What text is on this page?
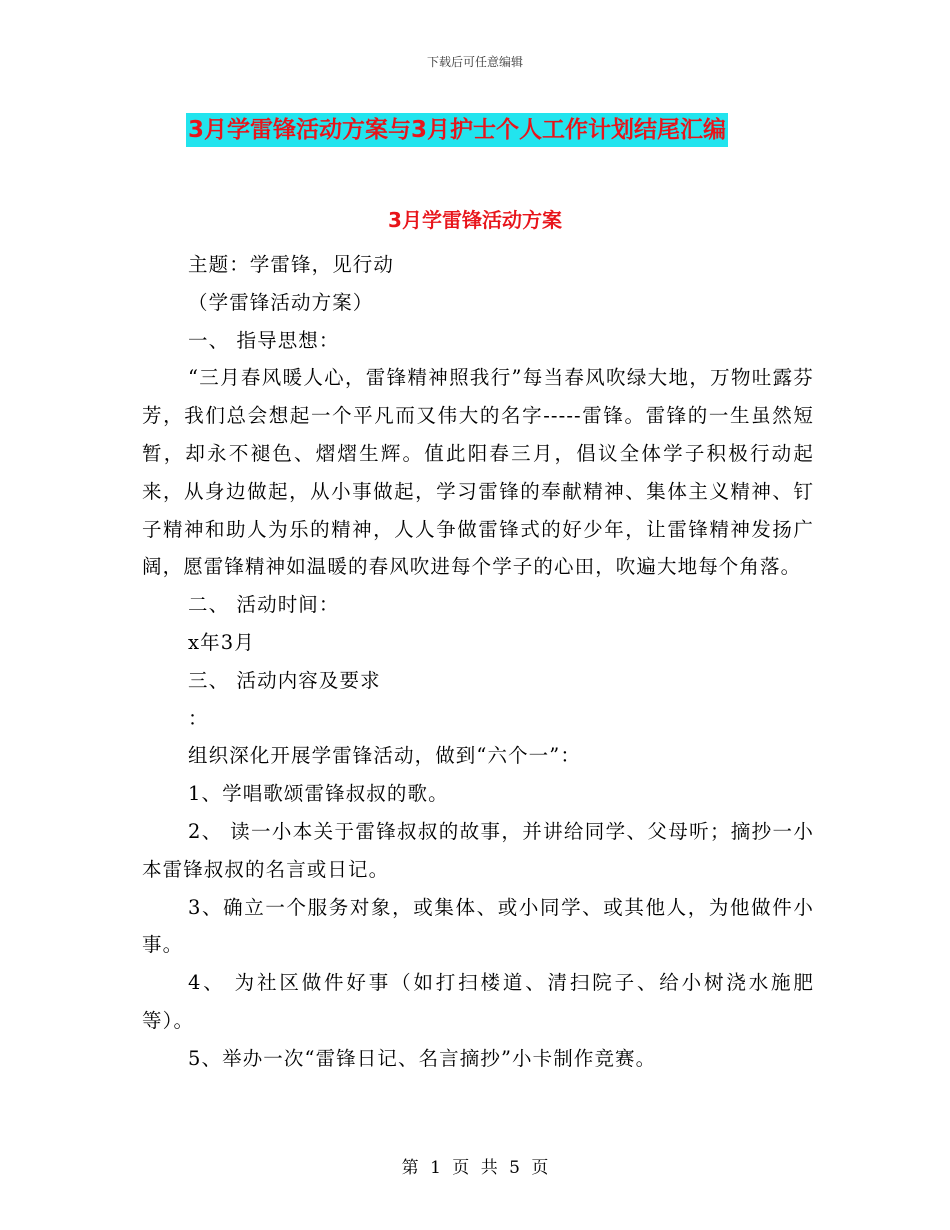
下载后可任意编辑
3月学雷锋活动方案与3月护士个人工作计划结尾汇编
3月学雷锋活动方案

主题：学雷锋，见行动

（学雷锋活动方案）

一、 指导思想：

“三月春风暖人心，雷锋精神照我行”每当春风吹绿大地，万物吐露芬芳，我们总会想起一个平凡而又伟大的名字-----雷锋。雷锋的一生虽然短暂，却永不褪色、熠熠生辉。值此阳春三月，倡议全体学子积极行动起来，从身边做起，从小事做起，学习雷锋的奉献精神、集体主义精神、钉子精神和助人为乐的精神，人人争做雷锋式的好少年，让雷锋精神发扬广阔，愿雷锋精神如温暖的春风吹进每个学子的心田，吹遍大地每个角落。

二、 活动时间：

x年3月

三、 活动内容及要求

：

组织深化开展学雷锋活动，做到“六个一”：

1、学唱歌颂雷锋叔叔的歌。

2、 读一小本关于雷锋叔叔的故事，并讲给同学、父母听；摘抄一小本雷锋叔叔的名言或日记。

3、确立一个服务对象，或集体、或小同学、或其他人，为他做件小事。

4、 为社区做件好事（如打扫楼道、清扫院子、给小树浇水施肥等）。

5、举办一次“雷锋日记、名言摘抄”小卡制作竞赛。

第 1 页 共 5 页
